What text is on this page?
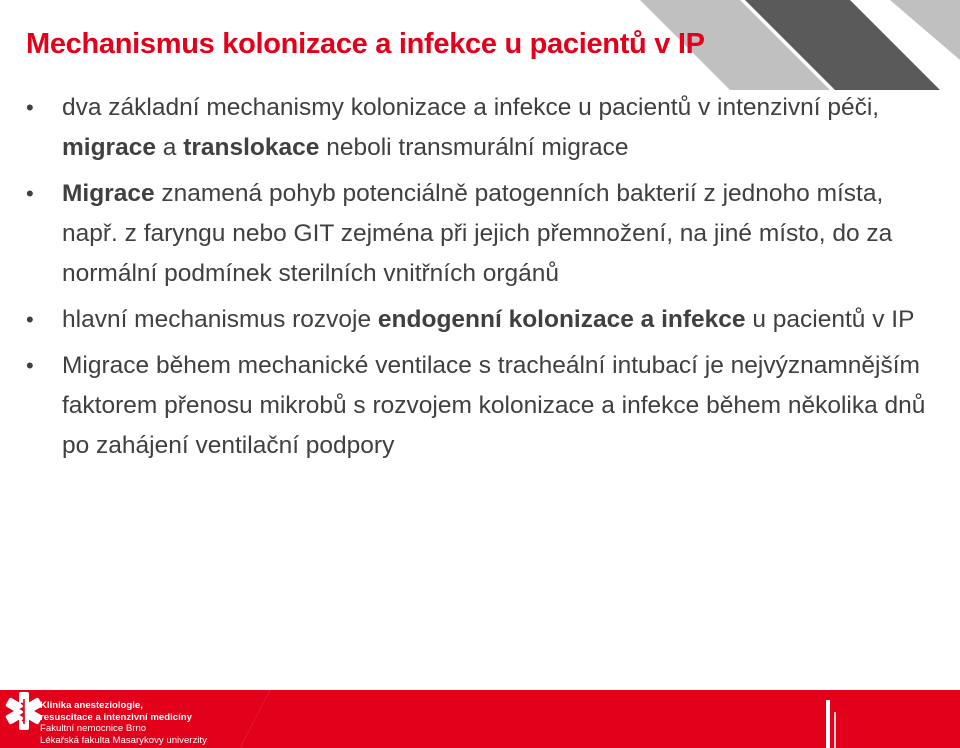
Mechanismus kolonizace a infekce u pacientů v IP
• dva základní mechanismy kolonizace a infekce u pacientů v intenzivní péči, migrace a translokace neboli transmurální migrace
• Migrace znamená pohyb potenciálně patogenních bakterií z jednoho místa, např. z faryngu nebo GIT zejména při jejich přemnožení, na jiné místo, do za normální podmínek sterilních vnitřních orgánů
• hlavní mechanismus rozvoje endogenní kolonizace a infekce u pacientů v IP
• Migrace během mechanické ventilace s tracheální intubací je nejvýznamnějším faktorem přenosu mikrobů s rozvojem kolonizace a infekce během několika dnů po zahájení ventilační podpory
Klinika anesteziologie,
resuscitace a intenzivní medicíny
Fakultní nemocnice Brno
Lékařská fakulta Masarykovy univerzity
